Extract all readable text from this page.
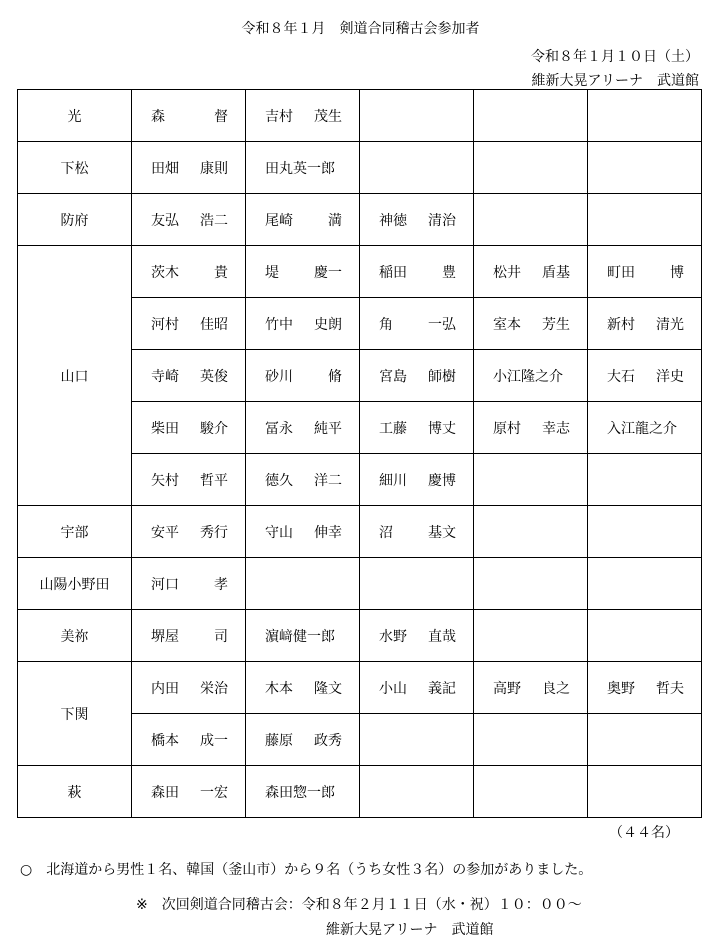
令和８年１月　剣道合同稽古会参加者
令和８年１月１０日（土）
維新大晃アリーナ　武道館
光	森 督	吉村 茂生			

下松	田畑 康則	田丸英一郎			

防府	友弘 浩二	尾崎 満	神徳 清治		

山口	茨木 貴	堤 慶一	稲田 豊	松井 盾基	町田 博

	河村 佳昭	竹中 史朗	角 一弘	室本 芳生	新村 清光

	寺崎 英俊	砂川 脩	宮島 師樹	小江隆之介	大石 洋史

	柴田 駿介	冨永 純平	工藤 博丈	原村 幸志	入江龍之介

	矢村 哲平	德久 洋二	細川 慶博		

宇部	安平 秀行	守山 伸幸	沼 基文		

山陽小野田	河口 孝				

美祢	堺屋 司	濵﨑健一郎	水野 直哉		

下関	内田 栄治	木本 隆文	小山 義記	高野 良之	奥野 哲夫

	橋本 成一	藤原 政秀			

萩	森田 一宏	森田惣一郎			

（４４名）
○　北海道から男性１名、韓国（釜山市）から９名（うち女性３名）の参加がありました。
※　次回剣道合同稽古会：令和８年２月１１日（水・祝）１０：００～
維新大晃アリーナ　武道館
